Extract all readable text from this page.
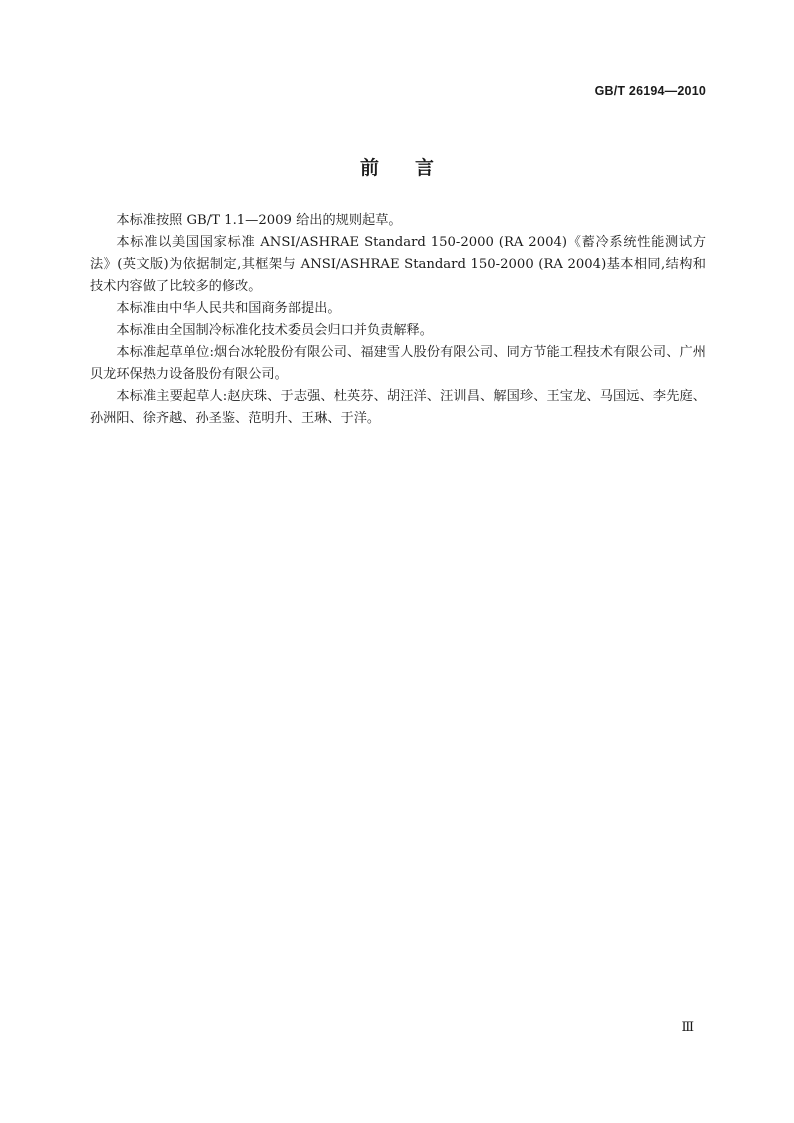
GB/T 26194—2010
前 言

本标准按照 GB/T 1.1—2009 给出的规则起草。

本标准以美国国家标准 ANSI/ASHRAE Standard 150-2000 (RA 2004)《蓄冷系统性能测试方法》(英文版)为依据制定,其框架与 ANSI/ASHRAE Standard 150-2000 (RA 2004)基本相同,结构和技术内容做了比较多的修改。

本标准由中华人民共和国商务部提出。

本标准由全国制冷标准化技术委员会归口并负责解释。

本标准起草单位:烟台冰轮股份有限公司、福建雪人股份有限公司、同方节能工程技术有限公司、广州贝龙环保热力设备股份有限公司。

本标准主要起草人:赵庆珠、于志强、杜英芬、胡汪洋、汪训昌、解国珍、王宝龙、马国远、李先庭、孙洲阳、徐齐越、孙圣鉴、范明升、王琳、于洋。

Ⅲ
